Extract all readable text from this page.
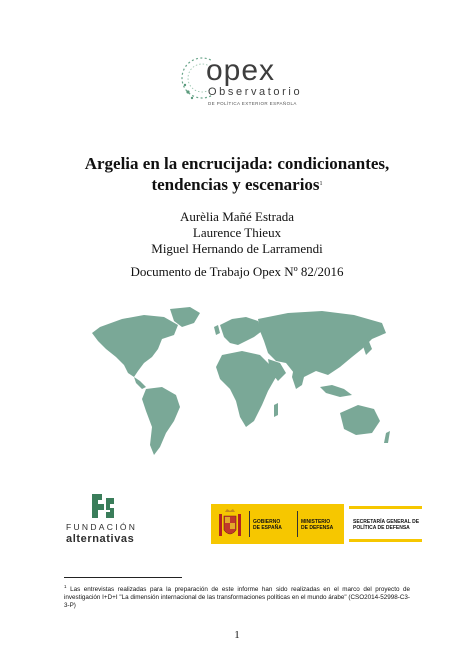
opex
Observatorio
DE POLÍTICA EXTERIOR ESPAÑOLA
Argelia en la encrucijada: condicionantes,
tendencias y escenarios$^1$
Aurèlia Mañé Estrada
Laurence Thieux
Miguel Hernando de Larramendi
Documento de Trabajo Opex Nº 82/2016
FUNDACIÓN
alternativas
GOBIERNO
DE ESPAÑA
MINISTERIO
DE DEFENSA
SECRETARÍA GENERAL DE
POLÍTICA DE DEFENSA
$^1$ Las entrevistas realizadas para la preparación de este informe han sido realizadas en el marco del proyecto de investigación I+D+I "La dimensión internacional de las transformaciones políticas en el mundo árabe" (CSO2014-52998-C3-3-P)
1
